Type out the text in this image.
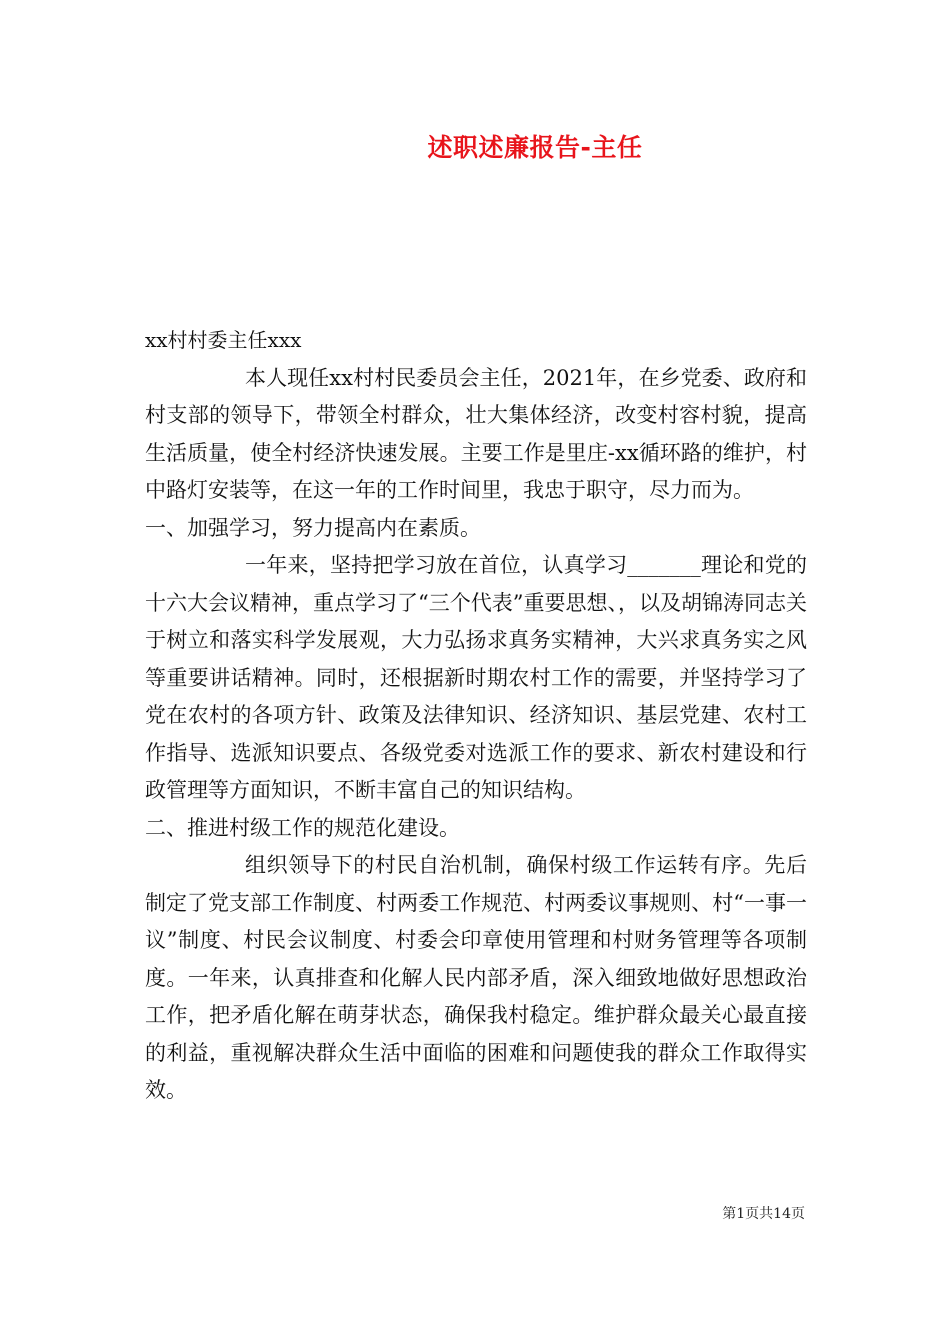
述职述廉报告-主任

xx村村委主任xxx

本人现任xx村村民委员会主任，2021年，在乡党委、政府和村支部的领导下，带领全村群众，壮大集体经济，改变村容村貌，提高生活质量，使全村经济快速发展。主要工作是里庄-xx循环路的维护，村中路灯安装等，在这一年的工作时间里，我忠于职守，尽力而为。

一、加强学习，努力提高内在素质。

一年来，坚持把学习放在首位，认真学习_______理论和党的十六大会议精神，重点学习了“三个代表”重要思想、，以及胡锦涛同志关于树立和落实科学发展观，大力弘扬求真务实精神，大兴求真务实之风等重要讲话精神。同时，还根据新时期农村工作的需要，并坚持学习了党在农村的各项方针、政策及法律知识、经济知识、基层党建、农村工作指导、选派知识要点、各级党委对选派工作的要求、新农村建设和行政管理等方面知识，不断丰富自己的知识结构。

二、推进村级工作的规范化建设。

组织领导下的村民自治机制，确保村级工作运转有序。先后制定了党支部工作制度、村两委工作规范、村两委议事规则、村“一事一议”制度、村民会议制度、村委会印章使用管理和村财务管理等各项制度。一年来，认真排查和化解人民内部矛盾，深入细致地做好思想政治工作，把矛盾化解在萌芽状态，确保我村稳定。维护群众最关心最直接的利益，重视解决群众生活中面临的困难和问题使我的群众工作取得实效。

第1页共14页
